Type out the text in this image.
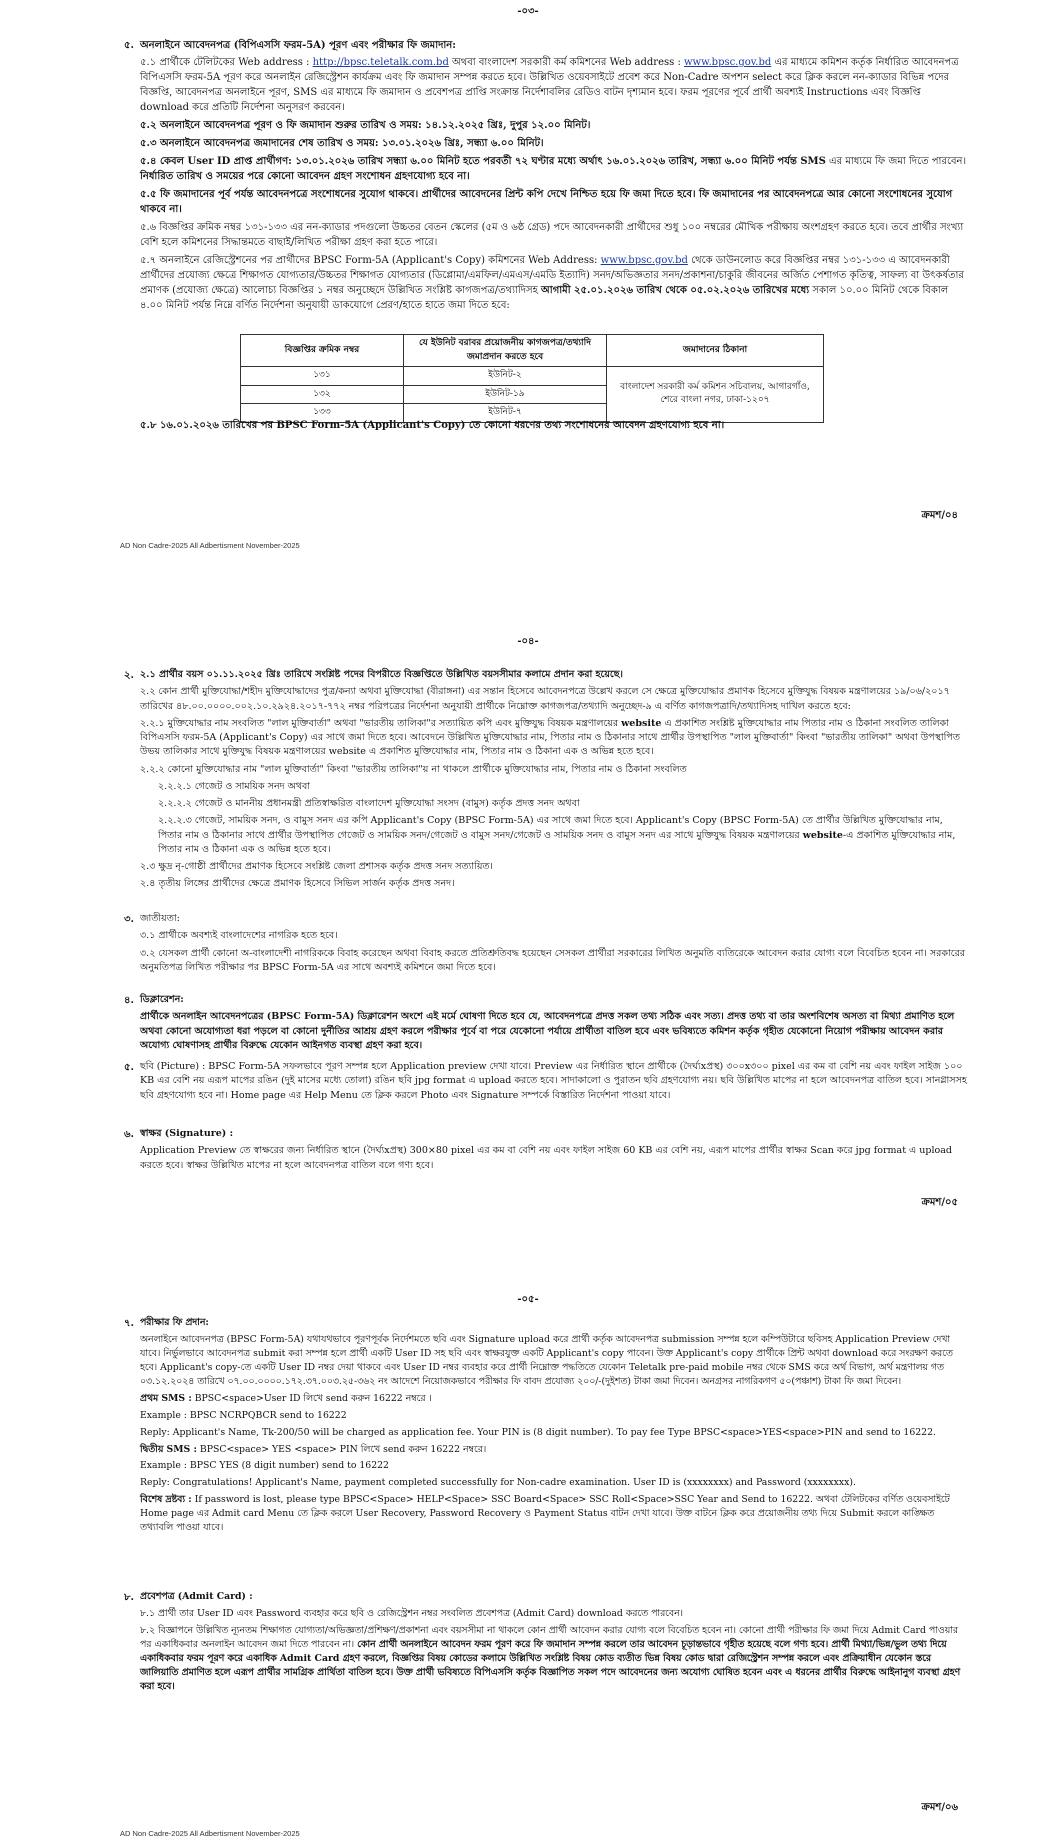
-০৩-
৫. অনলাইনে আবেদনপত্র (বিপিএসসি ফরম-5A) পূরণ এবং পরীক্ষার ফি জমাদান:

৫.১ প্রার্থীকে টেলিটকের Web address : http://bpsc.teletalk.com.bd অথবা বাংলাদেশ সরকারী কর্ম কমিশনের Web address : www.bpsc.gov.bd এর মাধ্যমে কমিশন কর্তৃক নির্ধারিত আবেদনপত্র বিপিএসসি ফরম-5A পূরণ করে অনলাইন রেজিস্ট্রেশন কার্যক্রম এবং ফি জমাদান সম্পন্ন করতে হবে। উল্লিখিত ওয়েবসাইটে প্রবেশ করে Non-Cadre অপশন select করে ক্লিক করলে নন-ক্যাডার বিভিন্ন পদের বিজ্ঞপ্তি, আবেদনপত্র অনলাইনে পূরণ, SMS এর মাধ্যমে ফি জমাদান ও প্রবেশপত্র প্রাপ্তি সংক্রান্ত নির্দেশাবলির রেডিও বাটন দৃশ্যমান হবে। ফরম পূরণের পূর্বে প্রার্থী অবশ্যই Instructions এবং বিজ্ঞপ্তি download করে প্রতিটি নির্দেশনা অনুসরণ করবেন।

৫.২ অনলাইনে আবেদনপত্র পূরণ ও ফি জমাদান শুরুর তারিখ ও সময়: ১৪.১২.২০২৫ খ্রিঃ, দুপুর ১২.০০ মিনিট।

৫.৩ অনলাইনে আবেদনপত্র জমাদানের শেষ তারিখ ও সময়: ১৩.০১.২০২৬ খ্রিঃ, সন্ধ্যা ৬.০০ মিনিট।

৫.৪ কেবল User ID প্রাপ্ত প্রার্থীগণ: ১৩.০১.২০২৬ তারিখ সন্ধ্যা ৬.০০ মিনিট হতে পরবর্তী ৭২ ঘণ্টার মধ্যে অর্থাৎ ১৬.০১.২০২৬ তারিখ, সন্ধ্যা ৬.০০ মিনিট পর্যন্ত SMS এর মাধ্যমে ফি জমা দিতে পারবেন। নির্ধারিত তারিখ ও সময়ের পরে কোনো আবেদন গ্রহণ সংশোধন গ্রহণযোগ্য হবে না।

৫.৫ ফি জমাদানের পূর্ব পর্যন্ত আবেদনপত্রে সংশোধনের সুযোগ থাকবে। প্রার্থীদের আবেদনের প্রিন্ট কপি দেখে নিশ্চিত হয়ে ফি জমা দিতে হবে। ফি জমাদানের পর আবেদনপত্রে আর কোনো সংশোধনের সুযোগ থাকবে না।

৫.৬ বিজ্ঞপ্তির ক্রমিক নম্বর ১৩১-১৩৩ এর নন-ক্যাডার পদগুলো উচ্চতর বেতন স্কেলের (৫ম ও ৬ষ্ঠ গ্রেড) পদে আবেদনকারী প্রার্থীদের শুধু ১০০ নম্বরের মৌখিক পরীক্ষায় অংশগ্রহণ করতে হবে। তবে প্রার্থীর সংখ্যা বেশি হলে কমিশনের সিদ্ধান্তমতে বাছাই/লিখিত পরীক্ষা গ্রহণ করা হতে পারে।

৫.৭ অনলাইনে রেজিস্ট্রেশনের পর প্রার্থীদের BPSC Form-5A (Applicant's Copy) কমিশনের Web Address: www.bpsc.gov.bd থেকে ডাউনলোড করে বিজ্ঞপ্তির নম্বর ১৩১-১৩৩ এ আবেদনকারী প্রার্থীদের প্রযোজ্য ক্ষেত্রে শিক্ষাগত যোগ্যতার/উচ্চতর শিক্ষাগত যোগ্যতার (ডিপ্লোমা/এমফিল/এমএস/এমডি ইত্যাদি) সনদ/অভিজ্ঞতার সনদ/প্রকাশনা/চাকুরি জীবনের অর্জিত পেশাগত কৃতিত্ব, সাফল্য বা উৎকর্ষতার প্রমাণক (প্রযোজ্য ক্ষেত্রে) আলোচ্য বিজ্ঞপ্তির ১ নম্বর অনুচ্ছেদে উল্লিখিত সংশ্লিষ্ট কাগজপত্র/তথ্যাদিসহ আগামী ২৫.০১.২০২৬ তারিখ থেকে ০৫.০২.২০২৬ তারিখের মধ্যে সকাল ১০.০০ মিনিট থেকে বিকাল ৪.০০ মিনিট পর্যন্ত নিম্নে বর্ণিত নির্দেশনা অনুযায়ী ডাকযোগে প্রেরণ/হাতে হাতে জমা দিতে হবে:

বিজ্ঞপ্তির ক্রমিক নম্বর	যে ইউনিট বরাবর প্রয়োজনীয় কাগজপত্র/তথ্যাদি জমাপ্রদান করতে হবে	জমাদানের ঠিকানা
১৩১	ইউনিট-২	বাংলাদেশ সরকারী কর্ম কমিশন সচিবালয়, আগারগাঁও, শেরে বাংলা নগর, ঢাকা-১২০৭
১৩২	ইউনিট-১৯	
১৩৩	ইউনিট-৭	
৫.৮ ১৬.০১.২০২৬ তারিখের পর BPSC Form-5A (Applicant's Copy) তে কোনো ধরণের তথ্য সংশোধনের আবেদন গ্রহণযোগ্য হবে না।
ক্রমশ/০৪
AD Non Cadre-2025 All Adbertisment November-2025
-০৪-
২. ২.১ প্রার্থীর বয়স ০১.১১.২০২৫ খ্রিঃ তারিখে সংশ্লিষ্ট পদের বিপরীতে বিজ্ঞপ্তিতে উল্লিখিত বয়সসীমার কলামে প্রদান করা হয়েছে।

২.২ কোন প্রার্থী মুক্তিযোদ্ধা/শহীদ মুক্তিযোদ্ধাদের পুত্র/কন্যা অথবা মুক্তিযোদ্ধা (বীরাঙ্গনা) এর সন্তান হিসেবে আবেদনপত্রে উল্লেখ করলে সে ক্ষেত্রে মুক্তিযোদ্ধার প্রমাণক হিসেবে মুক্তিযুদ্ধ বিষয়ক মন্ত্রণালয়ের ১৯/০৬/২০১৭ তারিখের ৪৮.০০.০০০০.০০২.১০.২৯২৪.২০১৭-৭৭২ নম্বর পরিপত্রের নির্দেশনা অনুযায়ী প্রার্থীকে নিম্নোক্ত কাগজপত্র/তথ্যাদি অনুচ্ছেদ-৯ এ বর্ণিত কাগজপত্রাদি/তথ্যাদিসহ দাখিল করতে হবে:

২.২.১ মুক্তিযোদ্ধার নাম সংবলিত "লাল মুক্তিবার্তা" অথবা "ভারতীয় তালিকা"র সত্যায়িত কপি এবং মুক্তিযুদ্ধ বিষয়ক মন্ত্রণালয়ের website এ প্রকাশিত সংশ্লিষ্ট মুক্তিযোদ্ধার নাম পিতার নাম ও ঠিকানা সংবলিত তালিকা বিপিএসসি ফরম-5A (Applicant's Copy) এর সাথে জমা দিতে হবে। আবেদনে উল্লিখিত মুক্তিযোদ্ধার নাম, পিতার নাম ও ঠিকানার সাথে প্রার্থীর উপস্থাপিত "লাল মুক্তিবার্তা" কিংবা "ভারতীয় তালিকা" অথবা উপস্থাপিত উভয় তালিকার সাথে মুক্তিযুদ্ধ বিষয়ক মন্ত্রণালয়ের website এ প্রকাশিত মুক্তিযোদ্ধার নাম, পিতার নাম ও ঠিকানা এক ও অভিন্ন হতে হবে।

২.২.২ কোনো মুক্তিযোদ্ধার নাম "লাল মুক্তিবার্তা" কিংবা "ভারতীয় তালিকা"য় না থাকলে প্রার্থীকে মুক্তিযোদ্ধার নাম, পিতার নাম ও ঠিকানা সংবলিত

২.২.২.১ গেজেট ও সাময়িক সনদ অথবা

২.২.২.২ গেজেট ও মাননীয় প্রধানমন্ত্রী প্রতিস্বাক্ষরিত বাংলাদেশ মুক্তিযোদ্ধা সংসদ (বামুস) কর্তৃক প্রদত্ত সনদ অথবা

২.২.২.৩ গেজেট, সাময়িক সনদ, ও বামুস সনদ এর কপি Applicant's Copy (BPSC Form-5A) এর সাথে জমা দিতে হবে। Applicant's Copy (BPSC Form-5A) তে প্রার্থীর উল্লিখিত মুক্তিযোদ্ধার নাম, পিতার নাম ও ঠিকানার সাথে প্রার্থীর উপস্থাপিত গেজেট ও সাময়িক সনদ/গেজেট ও বামুস সনদ/গেজেট ও সাময়িক সনদ ও বামুস সনদ এর সাথে মুক্তিযুদ্ধ বিষয়ক মন্ত্রণালয়ের website-এ প্রকাশিত মুক্তিযোদ্ধার নাম, পিতার নাম ও ঠিকানা এক ও অভিন্ন হতে হবে।

২.৩ ক্ষুদ্র নৃ-গোষ্ঠী প্রার্থীদের প্রমাণক হিসেবে সংশ্লিষ্ট জেলা প্রশাসক কর্তৃক প্রদত্ত সনদ সত্যায়িত।

২.৪ তৃতীয় লিঙ্গের প্রার্থীদের ক্ষেত্রে প্রমাণক হিসেবে সিভিল সার্জন কর্তৃক প্রদত্ত সনদ।

৩. জাতীয়তা:

৩.১ প্রার্থীকে অবশ্যই বাংলাদেশের নাগরিক হতে হবে।

৩.২ যেসকল প্রার্থী কোনো অ-বাংলাদেশী নাগরিককে বিবাহ করেছেন অথবা বিবাহ করতে প্রতিশ্রুতিবদ্ধ হয়েছেন সেসকল প্রার্থীরা সরকারের লিখিত অনুমতি ব্যতিরেকে আবেদন করার যোগ্য বলে বিবেচিত হবেন না। সরকারের অনুমতিপত্র লিখিত পরীক্ষার পর BPSC Form-5A এর সাথে অবশ্যই কমিশনে জমা দিতে হবে।

৪. ডিক্লারেশন:

প্রার্থীকে অনলাইন আবেদনপত্রের (BPSC Form-5A) ডিক্লারেশন অংশে এই মর্মে ঘোষণা দিতে হবে যে, আবেদনপত্রে প্রদত্ত সকল তথ্য সঠিক এবং সত্য। প্রদত্ত তথ্য বা তার অংশবিশেষ অসত্য বা মিথ্যা প্রমাণিত হলে অথবা কোনো অযোগ্যতা ধরা পড়লে বা কোনো দুর্নীতির আশ্রয় গ্রহণ করলে পরীক্ষার পূর্বে বা পরে যেকোনো পর্যায়ে প্রার্থীতা বাতিল হবে এবং ভবিষ্যতে কমিশন কর্তৃক গৃহীত যেকোনো নিয়োগ পরীক্ষায় আবেদন করার অযোগ্য ঘোষণাসহ প্রার্থীর বিরুদ্ধে যেকোন আইনগত ব্যবস্থা গ্রহণ করা হবে।

৫. ছবি (Picture) : BPSC Form-5A সফলভাবে পূরণ সম্পন্ন হলে Application preview দেখা যাবে। Preview এর নির্ধারিত স্থানে প্রার্থীকে (দৈর্ঘ্যxপ্রস্থ) ৩০০x৩০০ pixel এর কম বা বেশি নয় এবং ফাইল সাইজ ১০০ KB এর বেশি নয় এরূপ মাপের রঙিন (দুই মাসের মধ্যে তোলা) রঙিন ছবি jpg format এ upload করতে হবে। সাদাকালো ও পুরাতন ছবি গ্রহণযোগ্য নয়। ছবি উল্লিখিত মাপের না হলে আবেদনপত্র বাতিল হবে। সানগ্লাসসহ ছবি গ্রহণযোগ্য হবে না। Home page এর Help Menu তে ক্লিক করলে Photo এবং Signature সম্পর্কে বিস্তারিত নির্দেশনা পাওয়া যাবে।

৬. স্বাক্ষর (Signature) :

Application Preview তে স্বাক্ষরের জন্য নির্ধারিত স্থানে (দৈর্ঘ্যxপ্রস্থ) 300×80 pixel এর কম বা বেশি নয় এবং ফাইল সাইজ 60 KB এর বেশি নয়, এরূপ মাপের প্রার্থীর স্বাক্ষর Scan করে jpg format এ upload করতে হবে। স্বাক্ষর উল্লিখিত মাপের না হলে আবেদনপত্র বাতিল বলে গণ্য হবে।

ক্রমশ/০৫
-০৫-
৭. পরীক্ষার ফি প্রদান:

অনলাইনে আবেদনপত্র (BPSC Form-5A) যথাযথভাবে পূরণপূর্বক নির্দেশমতে ছবি এবং Signature upload করে প্রার্থী কর্তৃক আবেদনপত্র submission সম্পন্ন হলে কম্পিউটারে ছবিসহ Application Preview দেখা যাবে। নির্ভুলভাবে আবেদনপত্র submit করা সম্পন্ন হলে প্রার্থী একটি User ID সহ ছবি এবং স্বাক্ষরযুক্ত একটি Applicant's copy পাবেন। উক্ত Applicant's copy প্রার্থীকে প্রিন্ট অথবা download করে সংরক্ষণ করতে হবে। Applicant's copy-তে একটি User ID নম্বর দেয়া থাকবে এবং User ID নম্বর ব্যবহার করে প্রার্থী নিম্নোক্ত পদ্ধতিতে যেকোন Teletalk pre-paid mobile নম্বর থেকে SMS করে অর্থ বিভাগ, অর্থ মন্ত্রণালয় গত ০৩.১২.২০২৪ তারিখে ০৭.০০.০০০০.১৭২.৩৭.০০৩.২৫-৩৬২ নং আদেশে নিয়োজকভাবে পরীক্ষার ফি বাবদ প্রযোজ্য ২০০/-(দুইশত) টাকা জমা দিবেন। অনগ্রসর নাগরিকগণ ৫০(পঞ্চাশ) টাকা ফি জমা দিবেন।

প্রথম SMS : BPSC<space>User ID লিখে send করুন 16222 নম্বরে ।

Example : BPSC NCRPQBCR send to 16222

Reply: Applicant's Name, Tk-200/50 will be charged as application fee. Your PIN is (8 digit number). To pay fee Type BPSC<space>YES<space>PIN and send to 16222.

দ্বিতীয় SMS : BPSC<space> YES <space> PIN লিখে send করুন 16222 নম্বরে।

Example : BPSC YES (8 digit number) send to 16222

Reply: Congratulations! Applicant's Name, payment completed successfully for Non-cadre examination. User ID is (xxxxxxxx) and Password (xxxxxxxx).

বিশেষ দ্রষ্টব্য : If password is lost, please type BPSC<Space> HELP<Space> SSC Board<Space> SSC Roll<Space>SSC Year and Send to 16222. অথবা টেলিটকের বর্ণিত ওয়েবসাইটে Home page এর Admit card Menu তে ক্লিক করলে User Recovery, Password Recovery ও Payment Status বাটন দেখা যাবে। উক্ত বাটনে ক্লিক করে প্রয়োজনীয় তথ্য দিয়ে Submit করলে কাঙ্ক্ষিত তথ্যাবলি পাওয়া যাবে।

৮. প্রবেশপত্র (Admit Card) :

৮.১ প্রার্থী তার User ID এবং Password ব্যবহার করে ছবি ও রেজিস্ট্রেশন নম্বর সংবলিত প্রবেশপত্র (Admit Card) download করতে পারবেন।

৮.২ বিজ্ঞাপনে উল্লিখিত ন্যূনতম শিক্ষাগত যোগ্যতা/অভিজ্ঞতা/প্রশিক্ষণ/প্রকাশনা এবং বয়সসীমা না থাকলে কোন প্রার্থী আবেদন করার যোগ্য বলে বিবেচিত হবেন না। কোনো প্রার্থী পরীক্ষার ফি জমা দিয়ে Admit Card পাওয়ার পর একাধিকবার অনলাইন আবেদন জমা দিতে পারবেন না। কোন প্রার্থী অনলাইনে আবেদন ফরম পূরণ করে ফি জমাদান সম্পন্ন করলে তার আবেদন চূড়ান্তভাবে গৃহীত হয়েছে বলে গণ্য হবে। প্রার্থী মিথ্যা/ভিন্ন/ভুল তথ্য দিয়ে একাধিকবার ফরম পূরণ করে একাধিক Admit Card গ্রহণ করলে, বিজ্ঞপ্তির বিষয় কোডের কলামে উল্লিখিত সংশ্লিষ্ট বিষয় কোড ব্যতীত ভিন্ন বিষয় কোড দ্বারা রেজিস্ট্রেশন সম্পন্ন করলে এবং প্রক্রিয়াধীন যেকোন স্তরে জালিয়াতি প্রমাণিত হলে এরূপ প্রার্থীর সামগ্রিক প্রার্থিতা বাতিল হবে। উক্ত প্রার্থী ভবিষ্যতে বিপিএসসি কর্তৃক বিজ্ঞাপিত সকল পদে আবেদনের জন্য অযোগ্য ঘোষিত হবেন এবং এ ধরনের প্রার্থীর বিরুদ্ধে আইনানুগ ব্যবস্থা গ্রহণ করা হবে।

ক্রমশ/০৬
AD Non Cadre-2025 All Adbertisment November-2025
